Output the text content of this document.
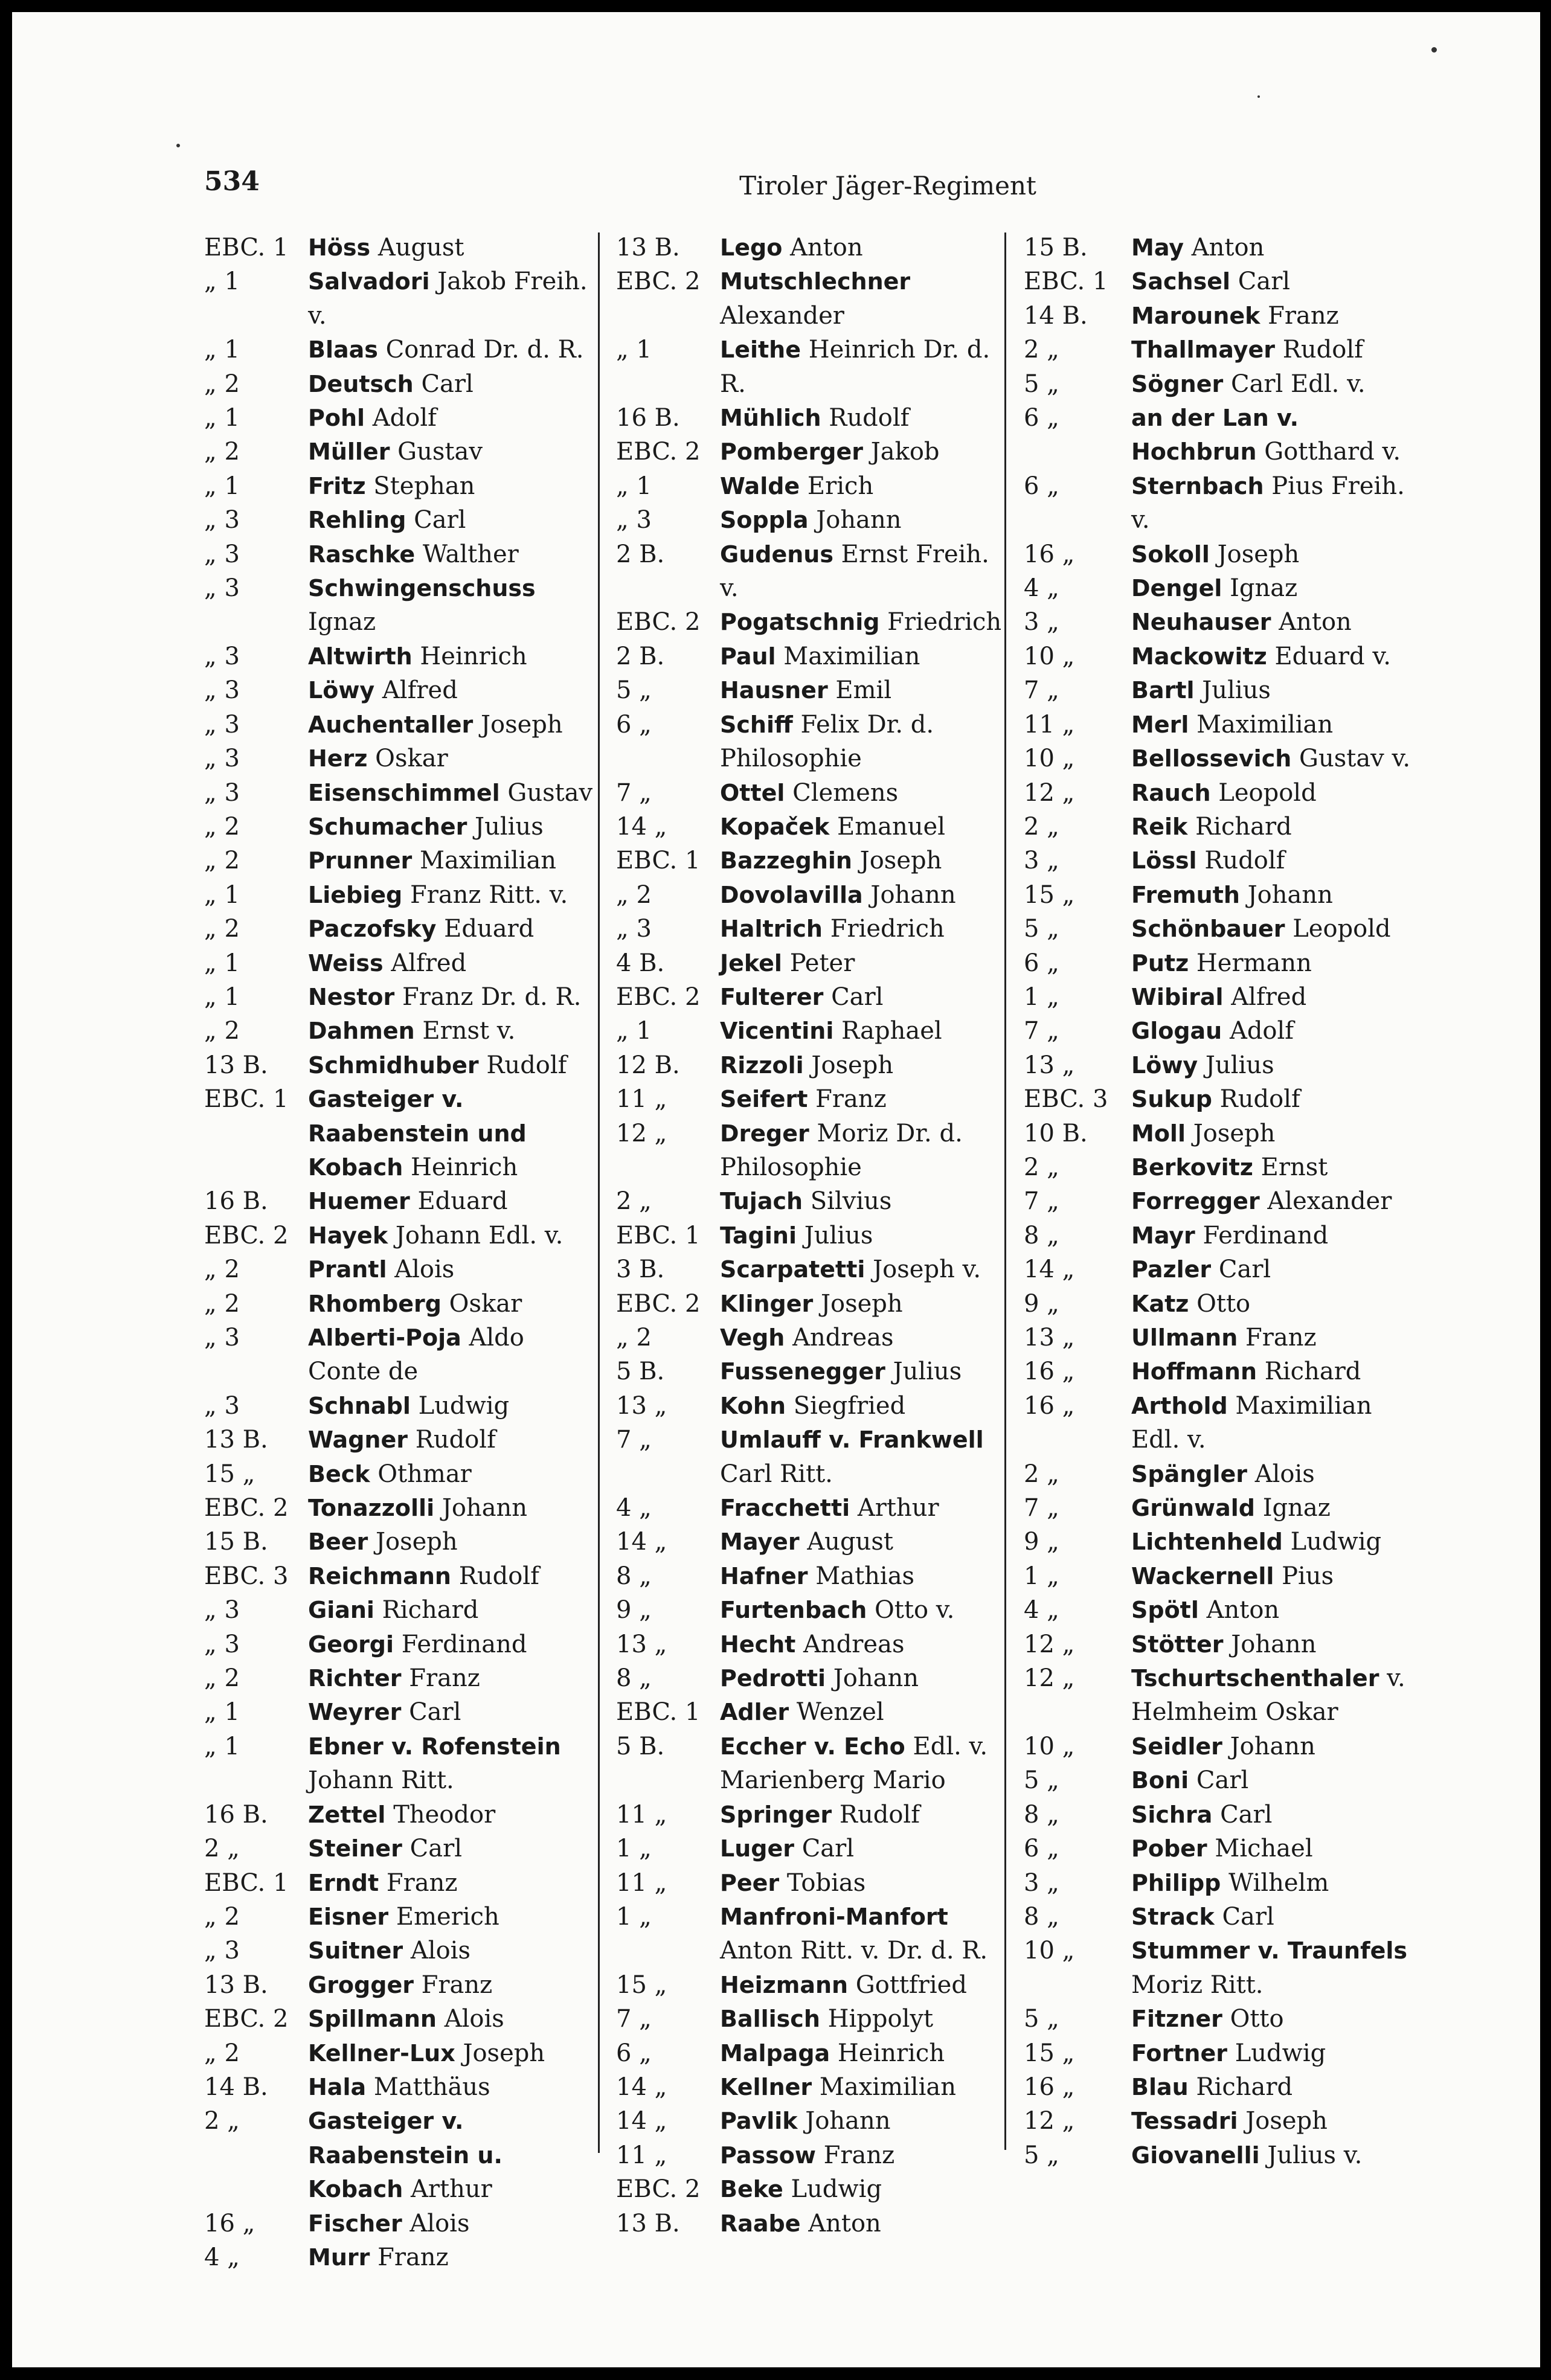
534	Tiroler Jäger-Regiment
EBC. 1 Höss August
„ 1	Salvadori Jakob Freih. v.
„ 1	Blaas Conrad Dr. d. R.
„ 2	Deutsch Carl
„ 1	Pohl Adolf
„ 2	Müller Gustav
„ 1	Fritz Stephan
„ 3	Rehling Carl
„ 3	Raschke Walther
„ 3	Schwingenschuss Ignaz
„ 3	Altwirth Heinrich
„ 3	Löwy Alfred
„ 3	Auchentaller Joseph
„ 3	Herz Oskar
„ 3	Eisenschimmel Gustav
„ 2	Schumacher Julius
„ 2	Prunner Maximilian
„ 1	Liebieg Franz Ritt. v.
„ 2	Paczofsky Eduard
„ 1	Weiss Alfred
„ 1	Nestor Franz Dr. d. R.
„ 2	Dahmen Ernst v.
13 B.	Schmidhuber Rudolf
EBC. 1 Gasteiger v. Raabenstein und Kobach Heinrich
16 B.	Huemer Eduard
EBC. 2 Hayek Johann Edl. v.
„ 2	Prantl Alois
„ 2	Rhomberg Oskar
„ 3	Alberti-Poja Aldo Conte de
„ 3	Schnabl Ludwig
13 B.	Wagner Rudolf
15 „	Beck Othmar
EBC. 2 Tonazzolli Johann
15 B.	Beer Joseph
EBC. 3 Reichmann Rudolf
„ 3	Giani Richard
„ 3	Georgi Ferdinand
„ 2	Richter Franz
„ 1	Weyrer Carl
„ 1	Ebner v. Rofenstein Johann Ritt.
16 B.	Zettel Theodor
2 „	Steiner Carl
EBC. 1 Erndt Franz
„ 2	Eisner Emerich
„ 3	Suitner Alois
13 B.	Grogger Franz
EBC. 2 Spillmann Alois
„ 2	Kellner-Lux Joseph
14 B.	Hala Matthäus
2 „	Gasteiger v. Raabenstein u. Kobach Arthur
16 „	Fischer Alois
4 „	Murr Franz
13 B.	Lego Anton
EBC. 2 Mutschlechner Alexander
„ 1	Leithe Heinrich Dr. d. R.
16 B.	Mühlich Rudolf
EBC. 2 Pomberger Jakob
„ 1	Walde Erich
„ 3	Soppla Johann
2 B.	Gudenus Ernst Freih. v.
EBC. 2 Pogatschnig Friedrich
2 B.	Paul Maximilian
5 „	Hausner Emil
6 „	Schiff Felix Dr. d. Philosophie
7 „	Ottel Clemens
14 „	Kopaček Emanuel
EBC. 1 Bazzeghin Joseph
„ 2	Dovolavilla Johann
„ 3	Haltrich Friedrich
4 B.	Jekel Peter
EBC. 2 Fulterer Carl
„ 1	Vicentini Raphael
12 B.	Rizzoli Joseph
11 „	Seifert Franz
12 „	Dreger Moriz Dr. d. Philosophie
2 „	Tujach Silvius
EBC. 1 Tagini Julius
3 B.	Scarpatetti Joseph v.
EBC. 2 Klinger Joseph
„ 2	Vegh Andreas
5 B.	Fussenegger Julius
13 „	Kohn Siegfried
7 „	Umlauff v. Frankwell Carl Ritt.
4 „	Fracchetti Arthur
14 „	Mayer August
8 „	Hafner Mathias
9 „	Furtenbach Otto v.
13 „	Hecht Andreas
8 „	Pedrotti Johann
EBC. 1 Adler Wenzel
5 B.	Eccher v. Echo Edl. v. Marienberg Mario
11 „	Springer Rudolf
1 „	Luger Carl
11 „	Peer Tobias
1 „	Manfroni-Manfort Anton Ritt. v. Dr. d. R.
15 „	Heizmann Gottfried
7 „	Ballisch Hippolyt
6 „	Malpaga Heinrich
14 „	Kellner Maximilian
14 „	Pavlik Johann
11 „	Passow Franz
EBC. 2 Beke Ludwig
13 B.	Raabe Anton
15 B.	May Anton
EBC. 1	Sachsel Carl
14 B.	Marounek Franz
2 „	Thallmayer Rudolf
5 „	Sögner Carl Edl. v.
6 „	an der Lan v. Hochbrun Gotthard v.
6 „	Sternbach Pius Freih. v.
16 „	Sokoll Joseph
4 „	Dengel Ignaz
3 „	Neuhauser Anton
10 „	Mackowitz Eduard v.
7 „	Bartl Julius
11 „	Merl Maximilian
10 „	Bellossevich Gustav v.
12 „	Rauch Leopold
2 „	Reik Richard
3 „	Lössl Rudolf
15 „	Fremuth Johann
5 „	Schönbauer Leopold
6 „	Putz Hermann
1 „	Wibiral Alfred
7 „	Glogau Adolf
13 „	Löwy Julius
EBC. 3	Sukup Rudolf
10 B.	Moll Joseph
2 „	Berkovitz Ernst
7 „	Forregger Alexander
8 „	Mayr Ferdinand
14 „	Pazler Carl
9 „	Katz Otto
13 „	Ullmann Franz
16 „	Hoffmann Richard
16 „	Arthold Maximilian Edl. v.
2 „	Spängler Alois
7 „	Grünwald Ignaz
9 „	Lichtenheld Ludwig
1 „	Wackernell Pius
4 „	Spötl Anton
12 „	Stötter Johann
12 „	Tschurtschenthaler v. Helmheim Oskar
10 „	Seidler Johann
5 „	Boni Carl
8 „	Sichra Carl
6 „	Pober Michael
3 „	Philipp Wilhelm
8 „	Strack Carl
10 „	Stummer v. Traunfels Moriz Ritt.
5 „	Fitzner Otto
15 „	Fortner Ludwig
16 „	Blau Richard
12 „	Tessadri Joseph
5 „	Giovanelli Julius v.
